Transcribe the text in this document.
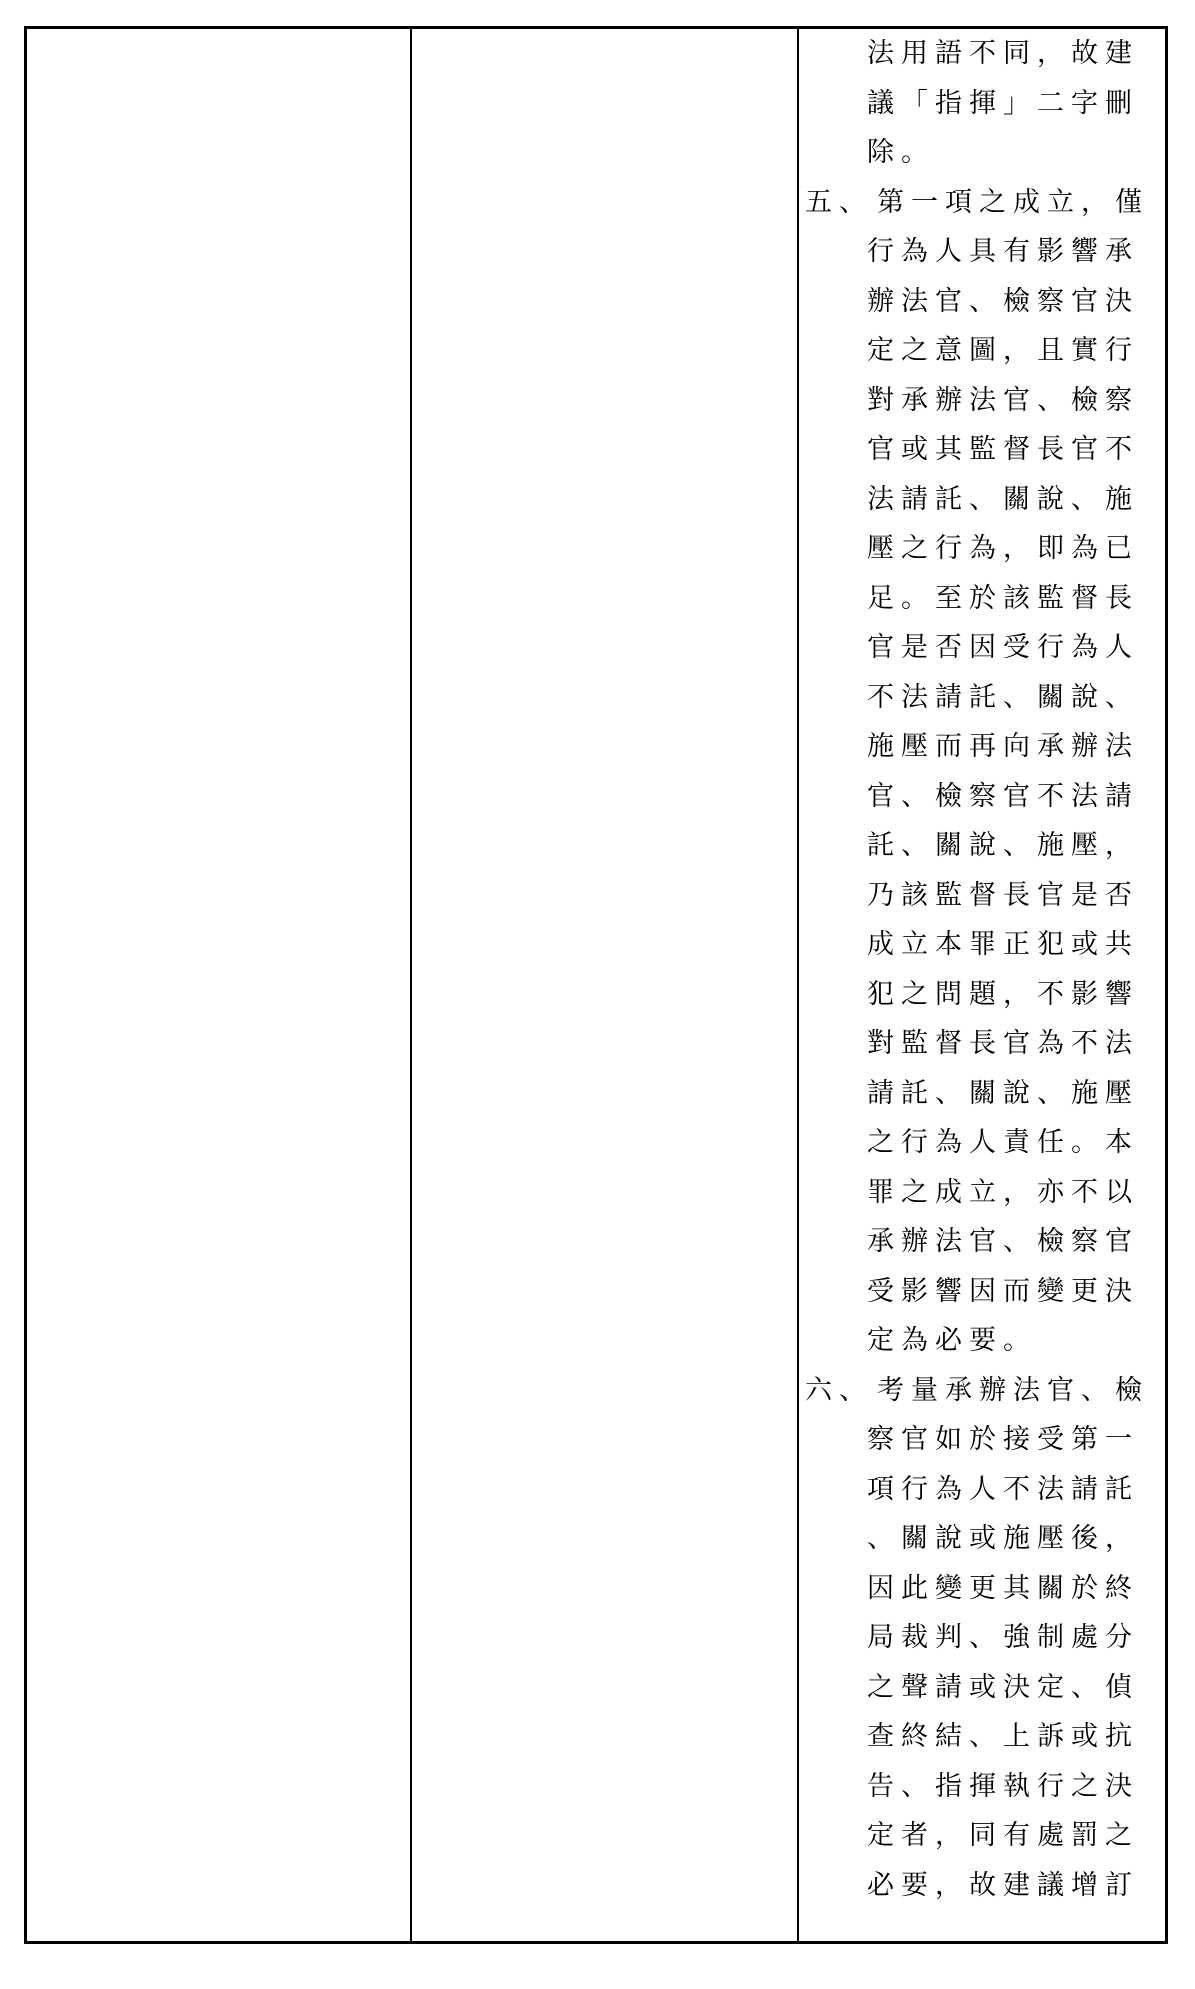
法用語不同，故建
議「指揮」二字刪
除。
五、 第一項之成立，僅
行為人具有影響承
辦法官、檢察官決
定之意圖，且實行
對承辦法官、檢察
官或其監督長官不
法請託、關說、施
壓之行為，即為已
足。至於該監督長
官是否因受行為人
不法請託、關說、
施壓而再向承辦法
官、檢察官不法請
託、關說、施壓，
乃該監督長官是否
成立本罪正犯或共
犯之問題，不影響
對監督長官為不法
請託、關說、施壓
之行為人責任。本
罪之成立，亦不以
承辦法官、檢察官
受影響因而變更決
定為必要。
六、 考量承辦法官、檢
察官如於接受第一
項行為人不法請託
、關說或施壓後，
因此變更其關於終
局裁判、強制處分
之聲請或決定、偵
查終結、上訴或抗
告、指揮執行之決
定者，同有處罰之
必要，故建議增訂
